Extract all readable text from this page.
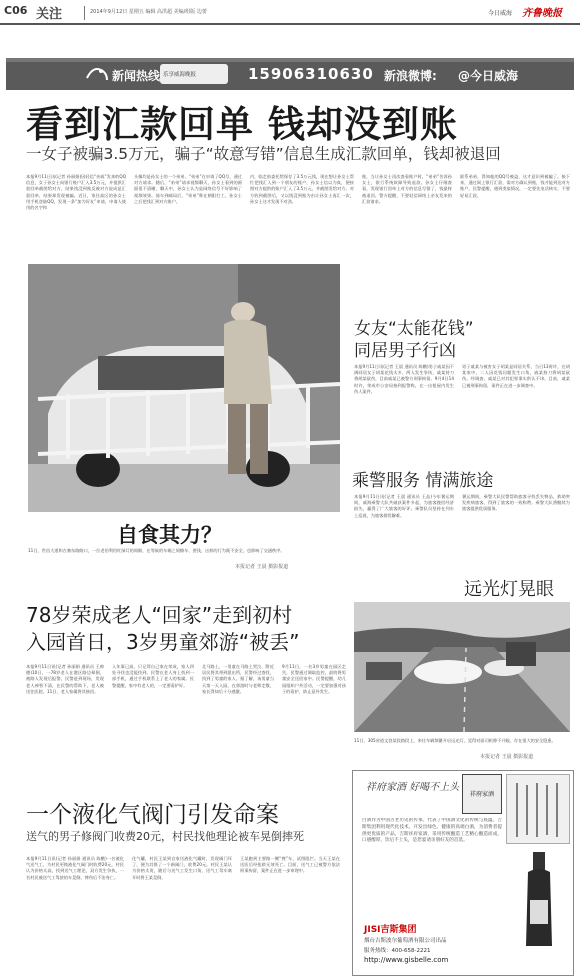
C06 关注	2014年9月12日 星期五 编辑 高洪超 美编/组版 边蕾	今日威海 齐鲁晚报
新闻热线 乐享威海晚报	15906310630 新浪微博: @今日威海
看到汇款回单 钱却没到账
一女子被骗3.5万元，骗子“故意写错”信息生成汇款回单，钱却被退回
本报9月11日讯(记者 孙丽娟)因轻信“亲戚”发来的QQ信息，女子孙女士向银行账户汇入3.5万元，并提供汇款回单截图给对方，结果钱没到账反被对方说成是汇款回单，结果却发现被骗。近日，家住高区的孙女士用手机登陆QQ，发现一条“加为好友”申请，申请人使用的名字和
头像均是孙女士的一个弟弟，“弟弟”在申请了QQ号，通过对方请求。随后，“弟弟”请求视频聊天，孙女士看到的画面很不清晰，聊天中，孙女士认为是网络信号不好影响了视频效果。骑车到邮局后，“弟弟”称在朝阳打工，孙女士之后把钱汇到对方账户。
内，临走前委托给保存了3.5万元钱，现在想让孙女士帮忙把钱汇入到一个朋友的账户，孙女士信以为真，便按照对方提供的账户汇入了3.5万元，并截图发给对方。对方收到截图后，又以钱没到账为由让孙女士再汇一次，孙女士这才发现不对劲。
账，当让孙女士再次查看账户时，“弟弟”告诉孙女士，银行系统故障导致退款。孙女士仔细查看，发现银行回单上对方的信息写错了，钱最终被退回。警方提醒，不要轻信网络上亲友发来的汇款请求。
联系弟弟，得知他的QQ号被盗，这才意识到被骗了。接下来，通过网上银行汇款，需对方确认到账，钱才能到达对方账户。民警提醒，遇到类似情况，一定要先电话核实，不要轻易汇款。
自食其力？
11日，世昌大道和古寨东路路口，一位老伯利用红绿灯的间隙，在等候的车辆之间擦车、要钱，这样的行为既不安全，也影响了交通秩序。
本报记者 王晨 摄影报道
女友“太能花钱”
同居男子行凶
本报9月11日讯(记者 王晨 通讯员 陈鹏)男子戚某因不满同居女子胡某花钱太多，两人发生争执，戚某持刀将胡某砍伤，目前戚某已被警方刑事拘留。9月4日14时许，荣成市公安局接到报警称，在一出租屋内发生伤人案件。
男子戚某与被害女子胡某是同居关系，当日13时许，在胡某家中，二人因花钱问题发生口角，戚某持刀将胡某砍伤。经调查，戚某已对其犯罪事实供认不讳。目前，戚某已被刑事拘留，案件正在进一步调查中。
乘警服务 情满旅途
本报9月11日讯(记者 王晨 通讯员 王品)今年暑运期间，威海乘警大队共破获案件多起，为旅客挽回经济损失，赢得了广大旅客的好评。乘警队员坚持在列车上巡视，为旅客排忧解难。
暑运期间，乘警大队民警帮助旅客寻找丢失物品，救助突发疾病旅客，得到了旅客的一致称赞。乘警大队将继续为旅客提供优质服务。
远光灯晃眼
11日，305省道文登某段路段上，来往车辆频繁开启远光灯，晃得对面司机睁不开眼，存在很大的安全隐患。
本报记者 王晨 摄影报道
78岁荣成老人“回家”走到初村
入园首日，3岁男童郊游“被丢”
本报9月11日讯(记者 孙丽娟 通讯员 王帅德)10日，一78岁老人在港区路边晕倒，被路人发现后报警。民警赶到现场，发现老人神智不清，在民警的帮助下，老人被送往医院。11日，老人家属将其接回。
入年事已高，只记得自己家在荣成，家人四处寻找也没能找到。民警在老人身上找到一部手机，通过手机联系上了老人的家属。民警提醒，家中有老人的，一定要看护好。
北马路上，一男童在马路上哭泣，附近居民将其带到派出所，民警经过查找，找到了男童的家人。据了解，该男童当天第一天入园，在郊游时与老师走散，家长得知后十分感激。
9月11日，一名3岁男童在园区走失，民警通过调取监控，最终将男童安全送回家中。民警提醒，幼儿园组织户外活动，一定要加强对孩子的看护，防止意外发生。
一个液化气阀门引发命案
送气的男子修阀门收费20元，村民找他理论被车晃倒摔死
本报9月11日讯(记者 孙丽娟 通讯员 陈鹏)一名液化气送气工，为村民更换液化气阀门时收费20元，村民认为价格太高，找到送气工理论，双方发生争执，一名村民被送气工驾驶的车晃倒，摔伤后不治身亡。
化气罐，村民王某到自家送液化气罐时，发现阀门坏了，便为其换了一个新阀门，收费20元。村民王某认为价格太贵，随后与送气工发生口角，送气工驾车离开时将王某晃倒。
王某跑到主要路一侧“拽”车，试图阻拦。当天王某在送医后经抢救无效死亡。目前，送气工已被警方依法刑事拘留，案件正在进一步审理中。
祥府家酒 好喝不上头
祥府家酒
白酒作为中国古老历史的传承，代表了中国酒文化的传统与底蕴。吉斯集团利用现代化技术，开发出绿色、健康的高端白酒，为消费者提供更优质的产品。吉斯祥府家酒，采用传统酿造工艺精心酿造而成，口感醇厚，饮后不上头，是您宴请亲朋好友的首选。
JISI吉斯集团
烟台吉斯波尔葡萄酒有限公司出品
服务热线：400-658-2221
http://www.gisbelle.com
